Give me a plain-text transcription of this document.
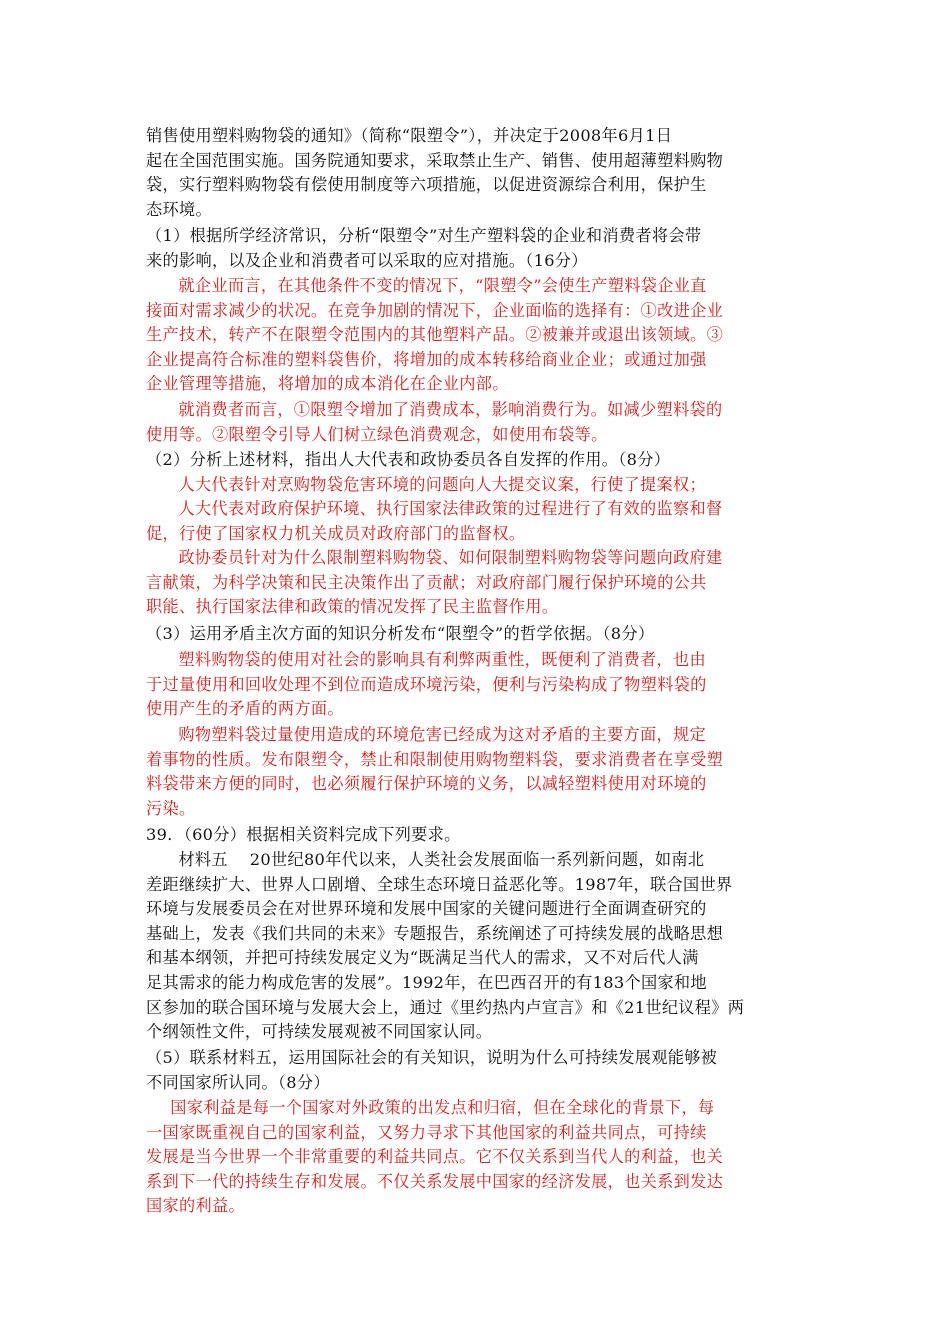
销售使用塑料购物袋的通知》（简称“限塑令”），并决定于2008年6月1日

起在全国范围实施。国务院通知要求，采取禁止生产、销售、使用超薄塑料购物

袋，实行塑料购物袋有偿使用制度等六项措施，以促进资源综合利用，保护生

态环境。

（1）根据所学经济常识，分析“限塑令”对生产塑料袋的企业和消费者将会带

来的影响，以及企业和消费者可以采取的应对措施。（16分）

就企业而言，在其他条件不变的情况下，“限塑令”会使生产塑料袋企业直

接面对需求减少的状况。在竞争加剧的情况下，企业面临的选择有：①改进企业

生产技术，转产不在限塑令范围内的其他塑料产品。②被兼并或退出该领域。③

企业提高符合标准的塑料袋售价，将增加的成本转移给商业企业；或通过加强

企业管理等措施，将增加的成本消化在企业内部。

就消费者而言，①限塑令增加了消费成本，影响消费行为。如减少塑料袋的

使用等。②限塑令引导人们树立绿色消费观念，如使用布袋等。

（2）分析上述材料，指出人大代表和政协委员各自发挥的作用。（8分）

人大代表针对烹购物袋危害环境的问题向人大提交议案，行使了提案权；

人大代表对政府保护环境、执行国家法律政策的过程进行了有效的监察和督

促，行使了国家权力机关成员对政府部门的监督权。

政协委员针对为什么限制塑料购物袋、如何限制塑料购物袋等问题向政府建

言献策，为科学决策和民主决策作出了贡献；对政府部门履行保护环境的公共

职能、执行国家法律和政策的情况发挥了民主监督作用。

（3）运用矛盾主次方面的知识分析发布“限塑令”的哲学依据。（8分）

塑料购物袋的使用对社会的影响具有利弊两重性，既便利了消费者，也由

于过量使用和回收处理不到位而造成环境污染，便利与污染构成了物塑料袋的

使用产生的矛盾的两方面。

购物塑料袋过量使用造成的环境危害已经成为这对矛盾的主要方面，规定

着事物的性质。发布限塑令，禁止和限制使用购物塑料袋，要求消费者在享受塑

料袋带来方便的同时，也必须履行保护环境的义务，以减轻塑料使用对环境的

污染。

39．（60分）根据相关资料完成下列要求。

材料五　 20世纪80年代以来，人类社会发展面临一系列新问题，如南北

差距继续扩大、世界人口剧增、全球生态环境日益恶化等。1987年，联合国世界

环境与发展委员会在对世界环境和发展中国家的关键问题进行全面调查研究的

基础上，发表《我们共同的未来》专题报告，系统阐述了可持续发展的战略思想

和基本纲领，并把可持续发展定义为“既满足当代人的需求，又不对后代人满

足其需求的能力构成危害的发展”。1992年，在巴西召开的有183个国家和地

区参加的联合国环境与发展大会上，通过《里约热内卢宣言》和《21世纪议程》两

个纲领性文件，可持续发展观被不同国家认同。

（5）联系材料五，运用国际社会的有关知识，说明为什么可持续发展观能够被

不同国家所认同。（8分）

国家利益是每一个国家对外政策的出发点和归宿，但在全球化的背景下，每

一国家既重视自己的国家利益，又努力寻求下其他国家的利益共同点，可持续

发展是当今世界一个非常重要的利益共同点。它不仅关系到当代人的利益，也关

系到下一代的持续生存和发展。不仅关系发展中国家的经济发展，也关系到发达

国家的利益。
